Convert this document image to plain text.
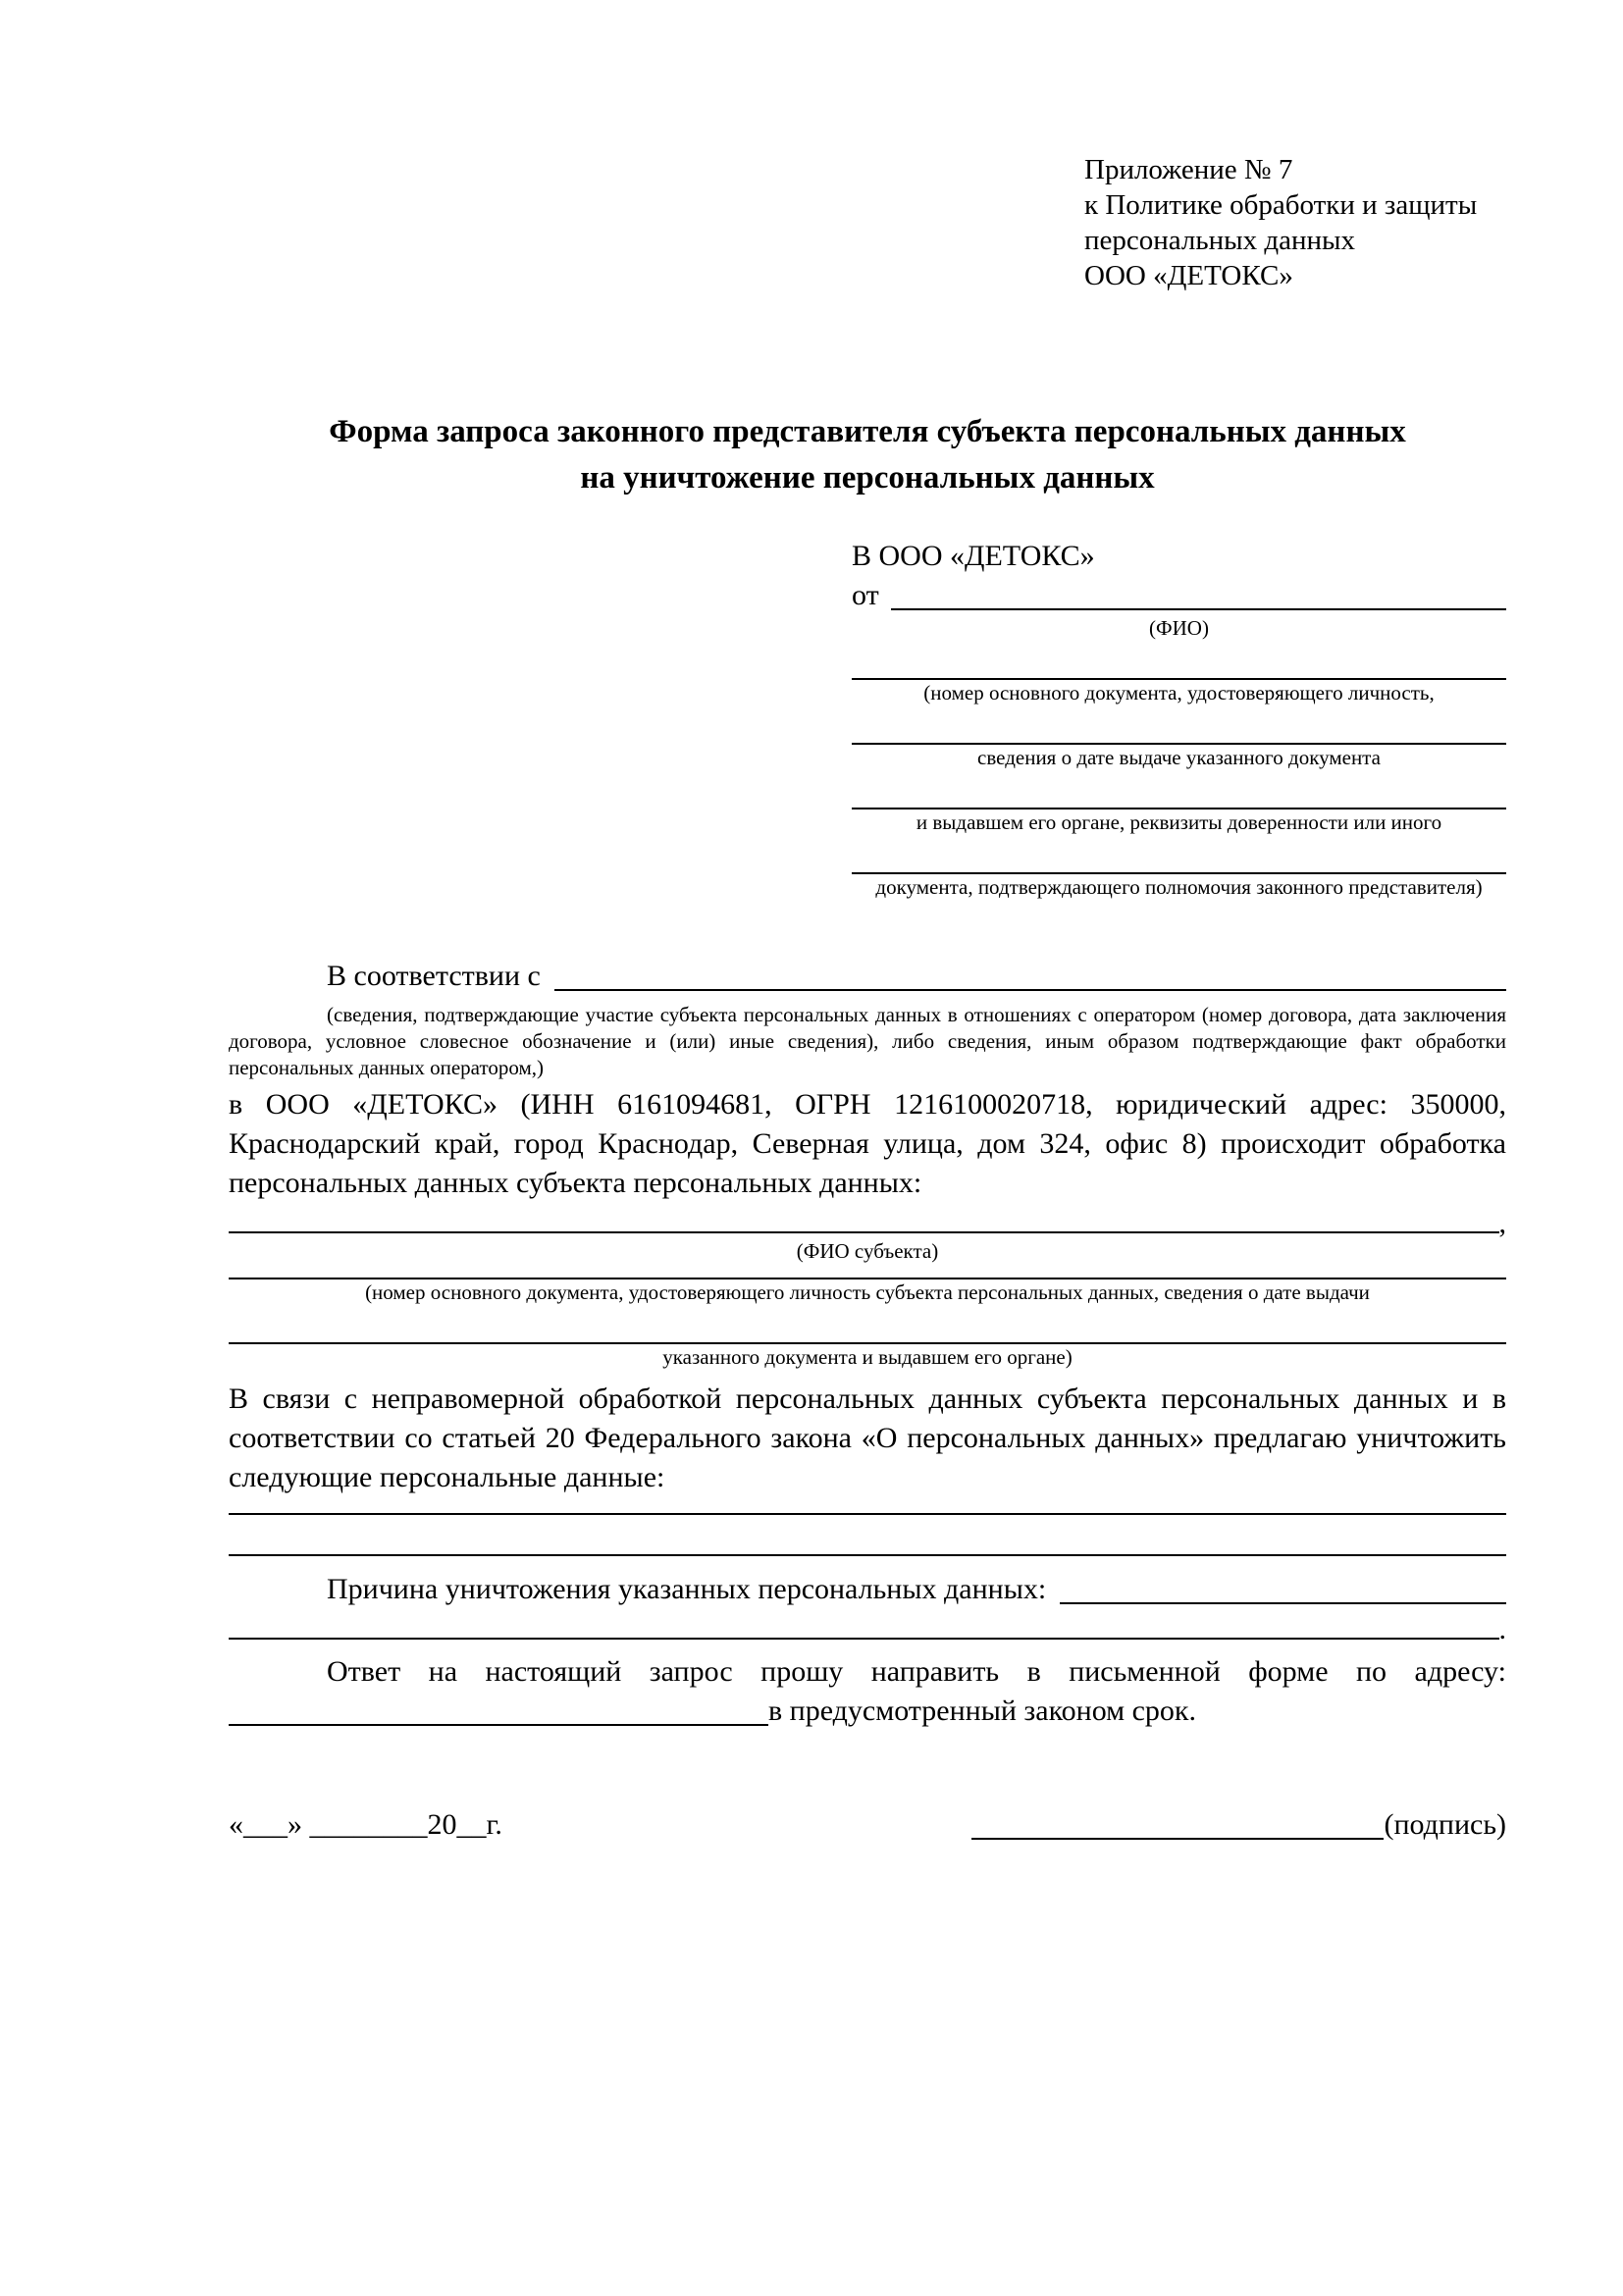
Приложение № 7
к Политике обработки и защиты
персональных данных
ООО «ДЕТОКС»
Форма запроса законного представителя субъекта персональных данных
на уничтожение персональных данных
В ООО «ДЕТОКС»
от
(ФИО)
(номер основного документа, удостоверяющего личность,
сведения о дате выдаче указанного документа
и выдавшем его органе, реквизиты доверенности или иного
документа, подтверждающего полномочия законного представителя)
В соответствии с

(сведения, подтверждающие участие субъекта персональных данных в отношениях с оператором (номер договора, дата заключения договора, условное словесное обозначение и (или) иные сведения), либо сведения, иным образом подтверждающие факт обработки персональных данных оператором,)

в ООО «ДЕТОКС» (ИНН 6161094681, ОГРН 1216100020718, юридический адрес: 350000, Краснодарский край, город Краснодар, Северная улица, дом 324, офис 8) происходит обработка персональных данных субъекта персональных данных:

,
(ФИО субъекта)
(номер основного документа, удостоверяющего личность субъекта персональных данных, сведения о дате выдачи
указанного документа и выдавшем его органе)

В связи с неправомерной обработкой персональных данных субъекта персональных данных и в соответствии со статьей 20 Федерального закона «О персональных данных» предлагаю уничтожить следующие персональные данные:

Причина уничтожения указанных персональных данных:
.

Ответ на настоящий запрос прошу направить в письменной форме по адресу:

в предусмотренный законом срок.
«___» ________20__г.	(подпись)
